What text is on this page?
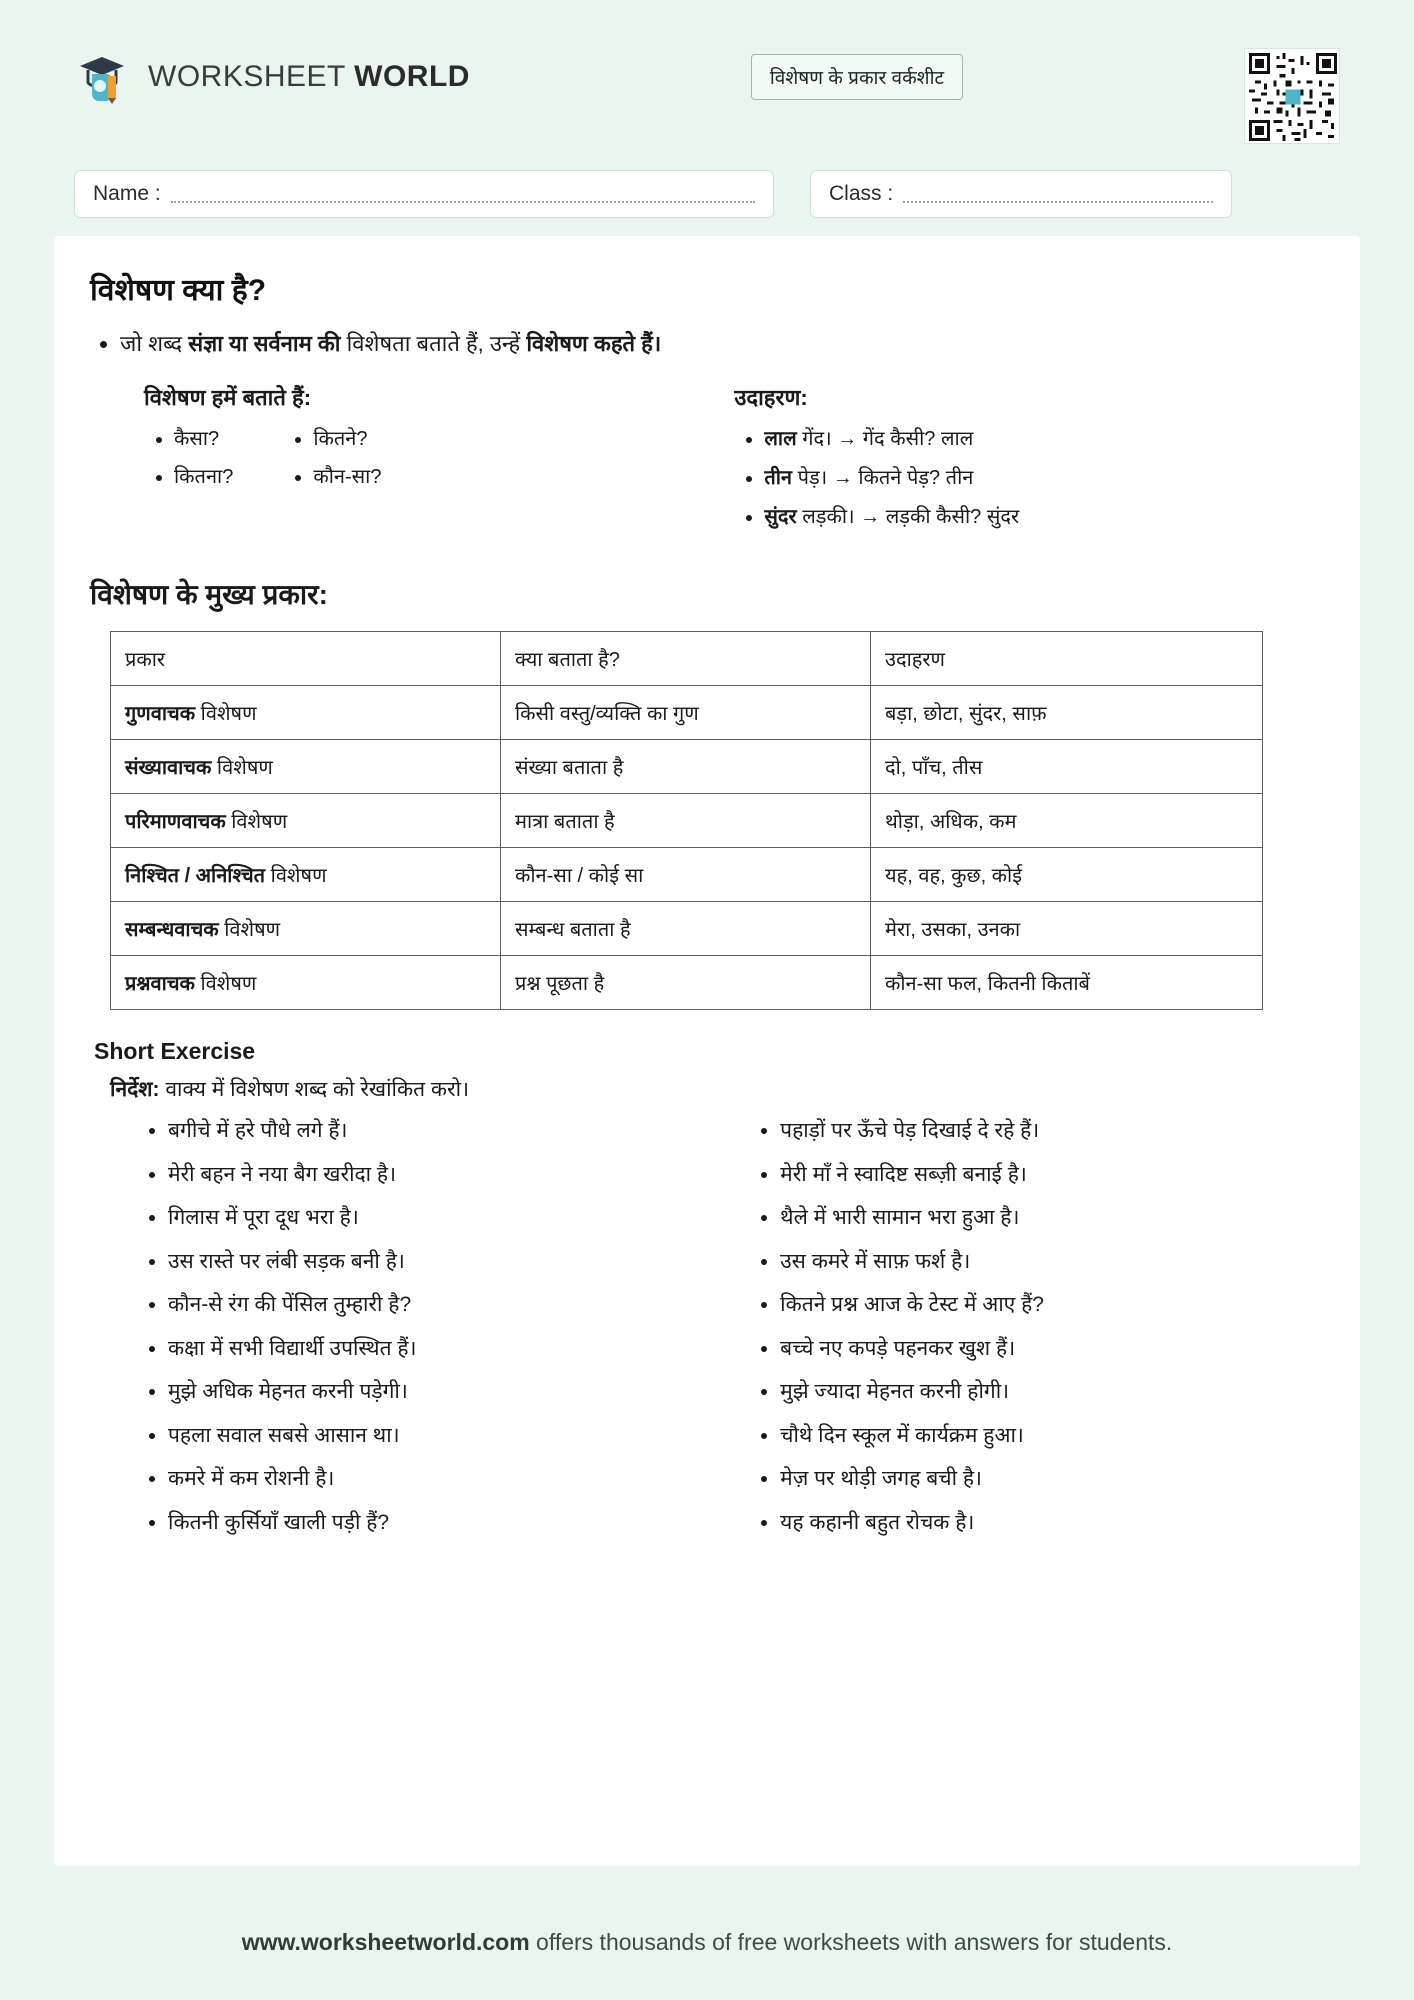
WORKSHEET WORLD	विशेषण के प्रकार वर्कशीट
Name :	Class :
विशेषण क्या है?
• जो शब्द संज्ञा या सर्वनाम की विशेषता बताते हैं, उन्हें विशेषण कहते हैं।
विशेषण हमें बताते हैं:
• कैसा?
• कितना?
• कितने?
• कौन-सा?
उदाहरण:
• लाल गेंद। → गेंद कैसी? लाल
• तीन पेड़। → कितने पेड़? तीन
• सुंदर लड़की। → लड़की कैसी? सुंदर
विशेषण के मुख्य प्रकार:
प्रकार	क्या बताता है?	उदाहरण
गुणवाचक विशेषण	किसी वस्तु/व्यक्ति का गुण	बड़ा, छोटा, सुंदर, साफ़
संख्यावाचक विशेषण	संख्या बताता है	दो, पाँच, तीस
परिमाणवाचक विशेषण	मात्रा बताता है	थोड़ा, अधिक, कम
निश्चित / अनिश्चित विशेषण	कौन-सा / कोई सा	यह, वह, कुछ, कोई
सम्बन्धवाचक विशेषण	सम्बन्ध बताता है	मेरा, उसका, उनका
प्रश्नवाचक विशेषण	प्रश्न पूछता है	कौन-सा फल, कितनी किताबें
Short Exercise
निर्देश: वाक्य में विशेषण शब्द को रेखांकित करो।
• बगीचे में हरे पौधे लगे हैं।
• मेरी बहन ने नया बैग खरीदा है।
• गिलास में पूरा दूध भरा है।
• उस रास्ते पर लंबी सड़क बनी है।
• कौन-से रंग की पेंसिल तुम्हारी है?
• कक्षा में सभी विद्यार्थी उपस्थित हैं।
• मुझे अधिक मेहनत करनी पड़ेगी।
• पहला सवाल सबसे आसान था।
• कमरे में कम रोशनी है।
• कितनी कुर्सियाँ खाली पड़ी हैं?
• पहाड़ों पर ऊँचे पेड़ दिखाई दे रहे हैं।
• मेरी माँ ने स्वादिष्ट सब्ज़ी बनाई है।
• थैले में भारी सामान भरा हुआ है।
• उस कमरे में साफ़ फर्श है।
• कितने प्रश्न आज के टेस्ट में आए हैं?
• बच्चे नए कपड़े पहनकर खुश हैं।
• मुझे ज्यादा मेहनत करनी होगी।
• चौथे दिन स्कूल में कार्यक्रम हुआ।
• मेज़ पर थोड़ी जगह बची है।
• यह कहानी बहुत रोचक है।
www.worksheetworld.com offers thousands of free worksheets with answers for students.
